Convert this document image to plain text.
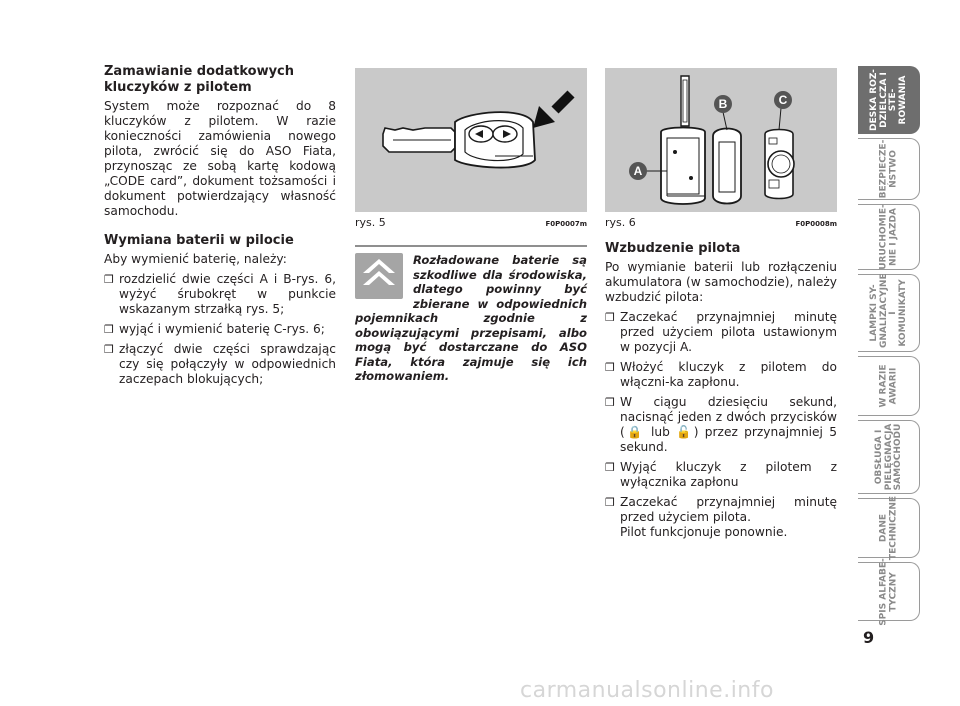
Zamawianie dodatkowych
kluczyków z pilotem

System może rozpoznać do 8 kluczyków z pilotem. W razie konieczności zamówienia nowego pilota, zwrócić się do ASO Fiata, przynosząc ze sobą kartę kodową „CODE card”, dokument tożsamości i dokument potwierdzający własność samochodu.

Wymiana baterii w pilocie

Aby wymienić baterię, należy:

❒ rozdzielić dwie części A i B-rys. 6, wyżyć śrubokręt w punkcie wskazanym strzałką rys. 5;
❒ wyjąć i wymienić baterię C-rys. 6;
❒ złączyć dwie części sprawdzając czy się połączyły w odpowiednich zaczepach blokujących;
rys. 5	F0P0007m
Rozładowane baterie są szkodliwe dla środowiska, dlatego powinny być zbierane w odpowiednich pojemnikach zgodnie z obowiązującymi przepisami, albo mogą być dostarczane do ASO Fiata, która zajmuje się ich złomowaniem.
A
B	C
rys. 6	F0P0008m
Wzbudzenie pilota

Po wymianie baterii lub rozłączeniu akumulatora (w samochodzie), należy wzbudzić pilota:

❒ Zaczekać przynajmniej minutę przed użyciem pilota ustawionym w pozycji A.
❒ Włożyć kluczyk z pilotem do włączni-ka zapłonu.
❒ W ciągu dziesięciu sekund, nacisnąć jeden z dwóch przycisków (🔒 lub 🔓) przez przynajmniej 5 sekund.
❒ Wyjąć kluczyk z pilotem z wyłącznika zapłonu
❒ Zaczekać przynajmniej minutę przed użyciem pilota.

Pilot funkcjonuje ponownie.

DESKA ROZ-
DZIELCZA I STE-
ROWANIA
BEZPIECZE-
ŃSTWO
URUCHOMIE-
NIE I JAZDA
LAMPKI SY-
GNALIZACYJNE
I KOMUNIKATY
W RAZIE
AWARII
OBSŁUGA I
PIELĘGNACJA
SAMOCHODU
DANE
TECHNICZNE
SPIS ALFABE-
TYCZNY
9
carmanualsonline.info
